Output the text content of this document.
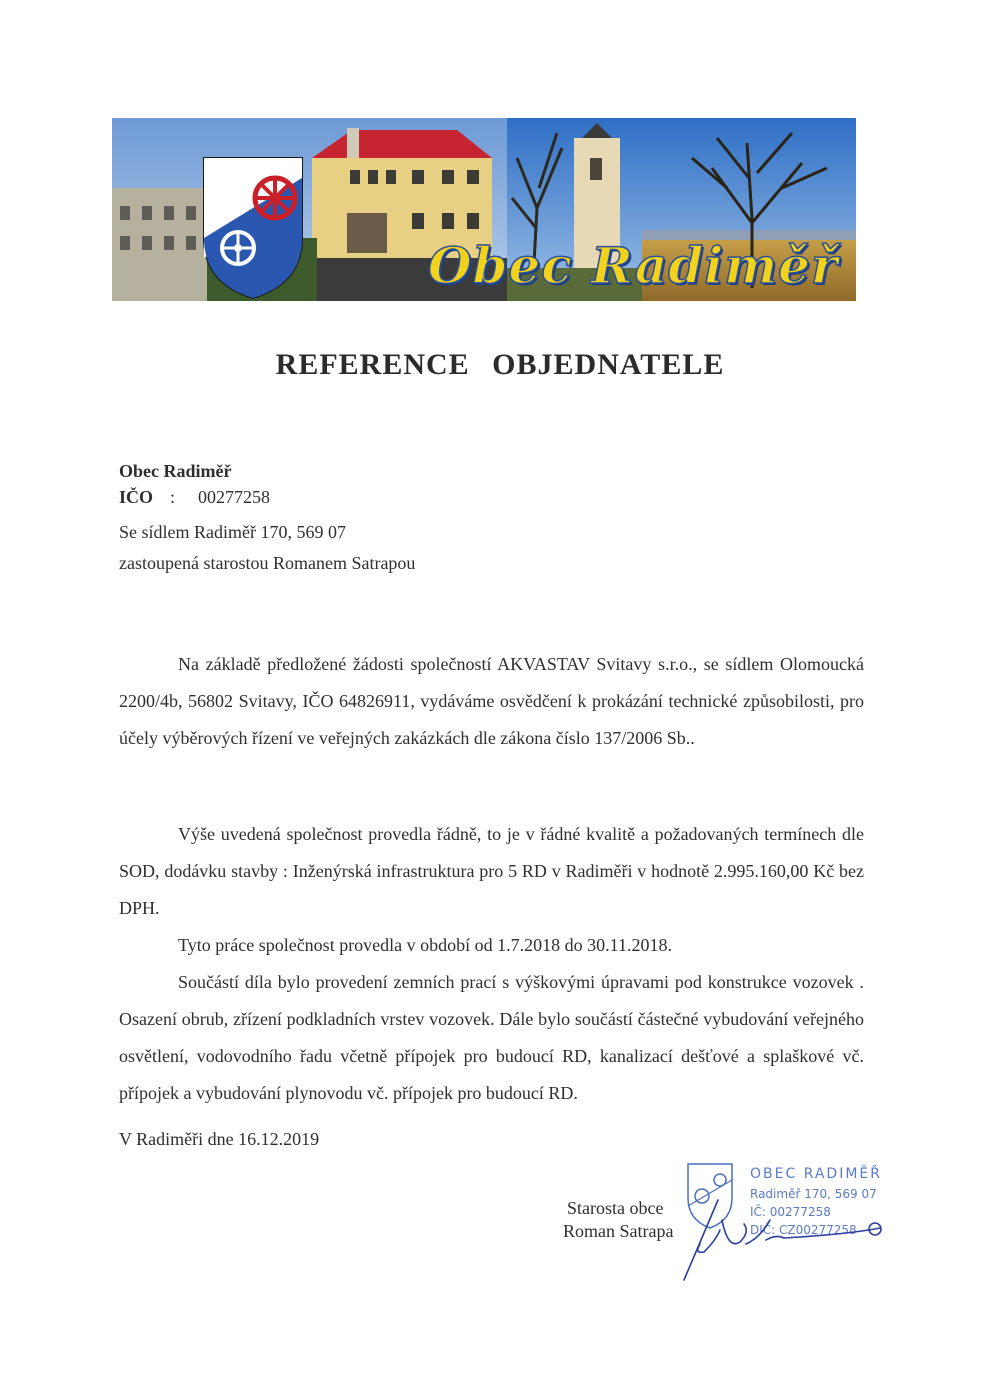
Obec Radiměř
REFERENCE OBJEDNATELE
Obec Radiměř
IČO : 00277258
Se sídlem Radiměř 170, 569 07
zastoupená starostou Romanem Satrapou

Na základě předložené žádosti společností AKVASTAV Svitavy s.r.o., se sídlem Olomoucká 2200/4b, 56802 Svitavy, IČO 64826911, vydáváme osvědčení k prokázání technické způsobilosti, pro účely výběrových řízení ve veřejných zakázkách dle zákona číslo 137/2006 Sb..

Výše uvedená společnost provedla řádně, to je v řádné kvalitě a požadovaných termínech dle SOD, dodávku stavby : Inženýrská infrastruktura pro 5 RD v Radiměři v hodnotě 2.995.160,00 Kč bez DPH.

Tyto práce společnost provedla v období od 1.7.2018 do 30.11.2018.

Součástí díla bylo provedení zemních prací s výškovými úpravami pod konstrukce vozovek . Osazení obrub, zřízení podkladních vrstev vozovek. Dále bylo součástí částečné vybudování veřejného osvětlení, vodovodního řadu včetně přípojek pro budoucí RD, kanalizací dešťové a splaškové vč. přípojek a vybudování plynovodu vč. přípojek pro budoucí RD.

V Radiměři dne 16.12.2019
Starosta obce
Roman Satrapa
OBEC RADIMĚŘ
Radiměř 170, 569 07
IČ: 00277258
DIČ: CZ00277258
